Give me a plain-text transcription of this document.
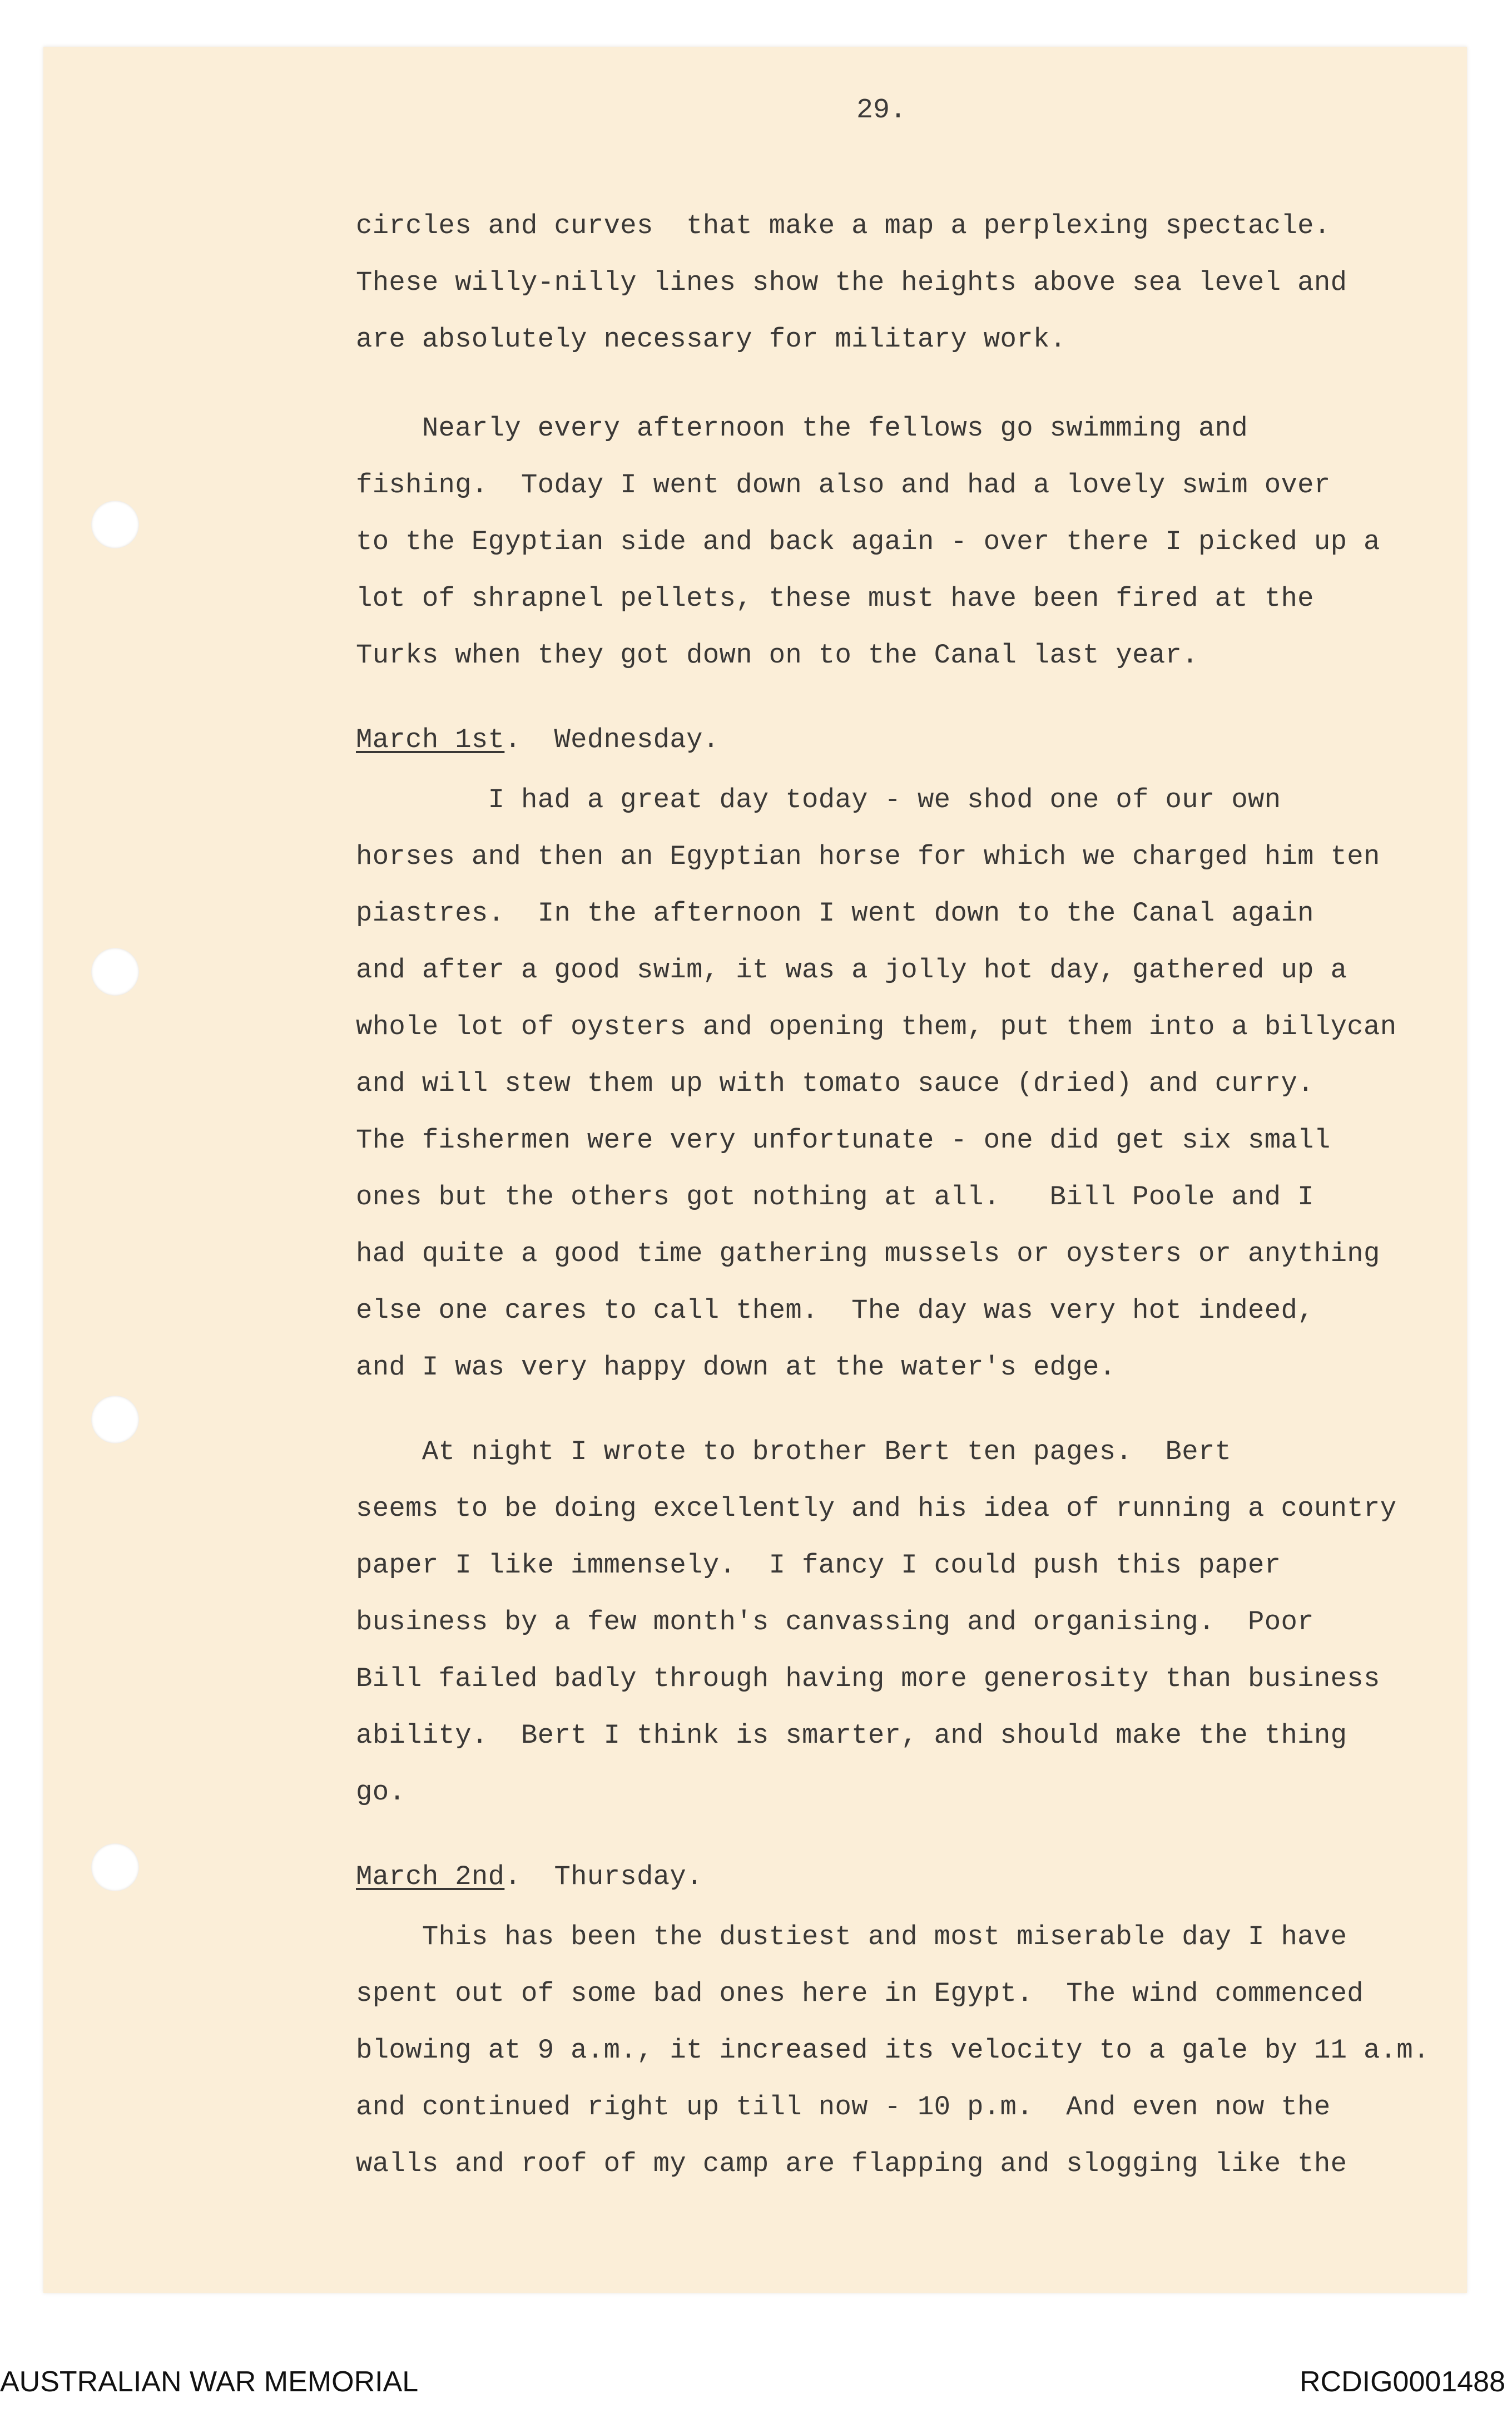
29.
circles and curves  that make a map a perplexing spectacle.
These willy-nilly lines show the heights above sea level and
are absolutely necessary for military work.
Nearly every afternoon the fellows go swimming and
fishing.  Today I went down also and had a lovely swim over
to the Egyptian side and back again - over there I picked up a
lot of shrapnel pellets, these must have been fired at the
Turks when they got down on to the Canal last year.
March 1st.  Wednesday.
I had a great day today - we shod one of our own
horses and then an Egyptian horse for which we charged him ten
piastres.  In the afternoon I went down to the Canal again
and after a good swim, it was a jolly hot day, gathered up a
whole lot of oysters and opening them, put them into a billycan
and will stew them up with tomato sauce (dried) and curry.
The fishermen were very unfortunate - one did get six small
ones but the others got nothing at all.   Bill Poole and I
had quite a good time gathering mussels or oysters or anything
else one cares to call them.  The day was very hot indeed,
and I was very happy down at the water's edge.
At night I wrote to brother Bert ten pages.  Bert
seems to be doing excellently and his idea of running a country
paper I like immensely.  I fancy I could push this paper
business by a few month's canvassing and organising.  Poor
Bill failed badly through having more generosity than business
ability.  Bert I think is smarter, and should make the thing
go.
March 2nd.  Thursday.
This has been the dustiest and most miserable day I have
spent out of some bad ones here in Egypt.  The wind commenced
blowing at 9 a.m., it increased its velocity to a gale by 11 a.m.
and continued right up till now - 10 p.m.  And even now the
walls and roof of my camp are flapping and slogging like the
AUSTRALIAN WAR MEMORIAL	RCDIG0001488
